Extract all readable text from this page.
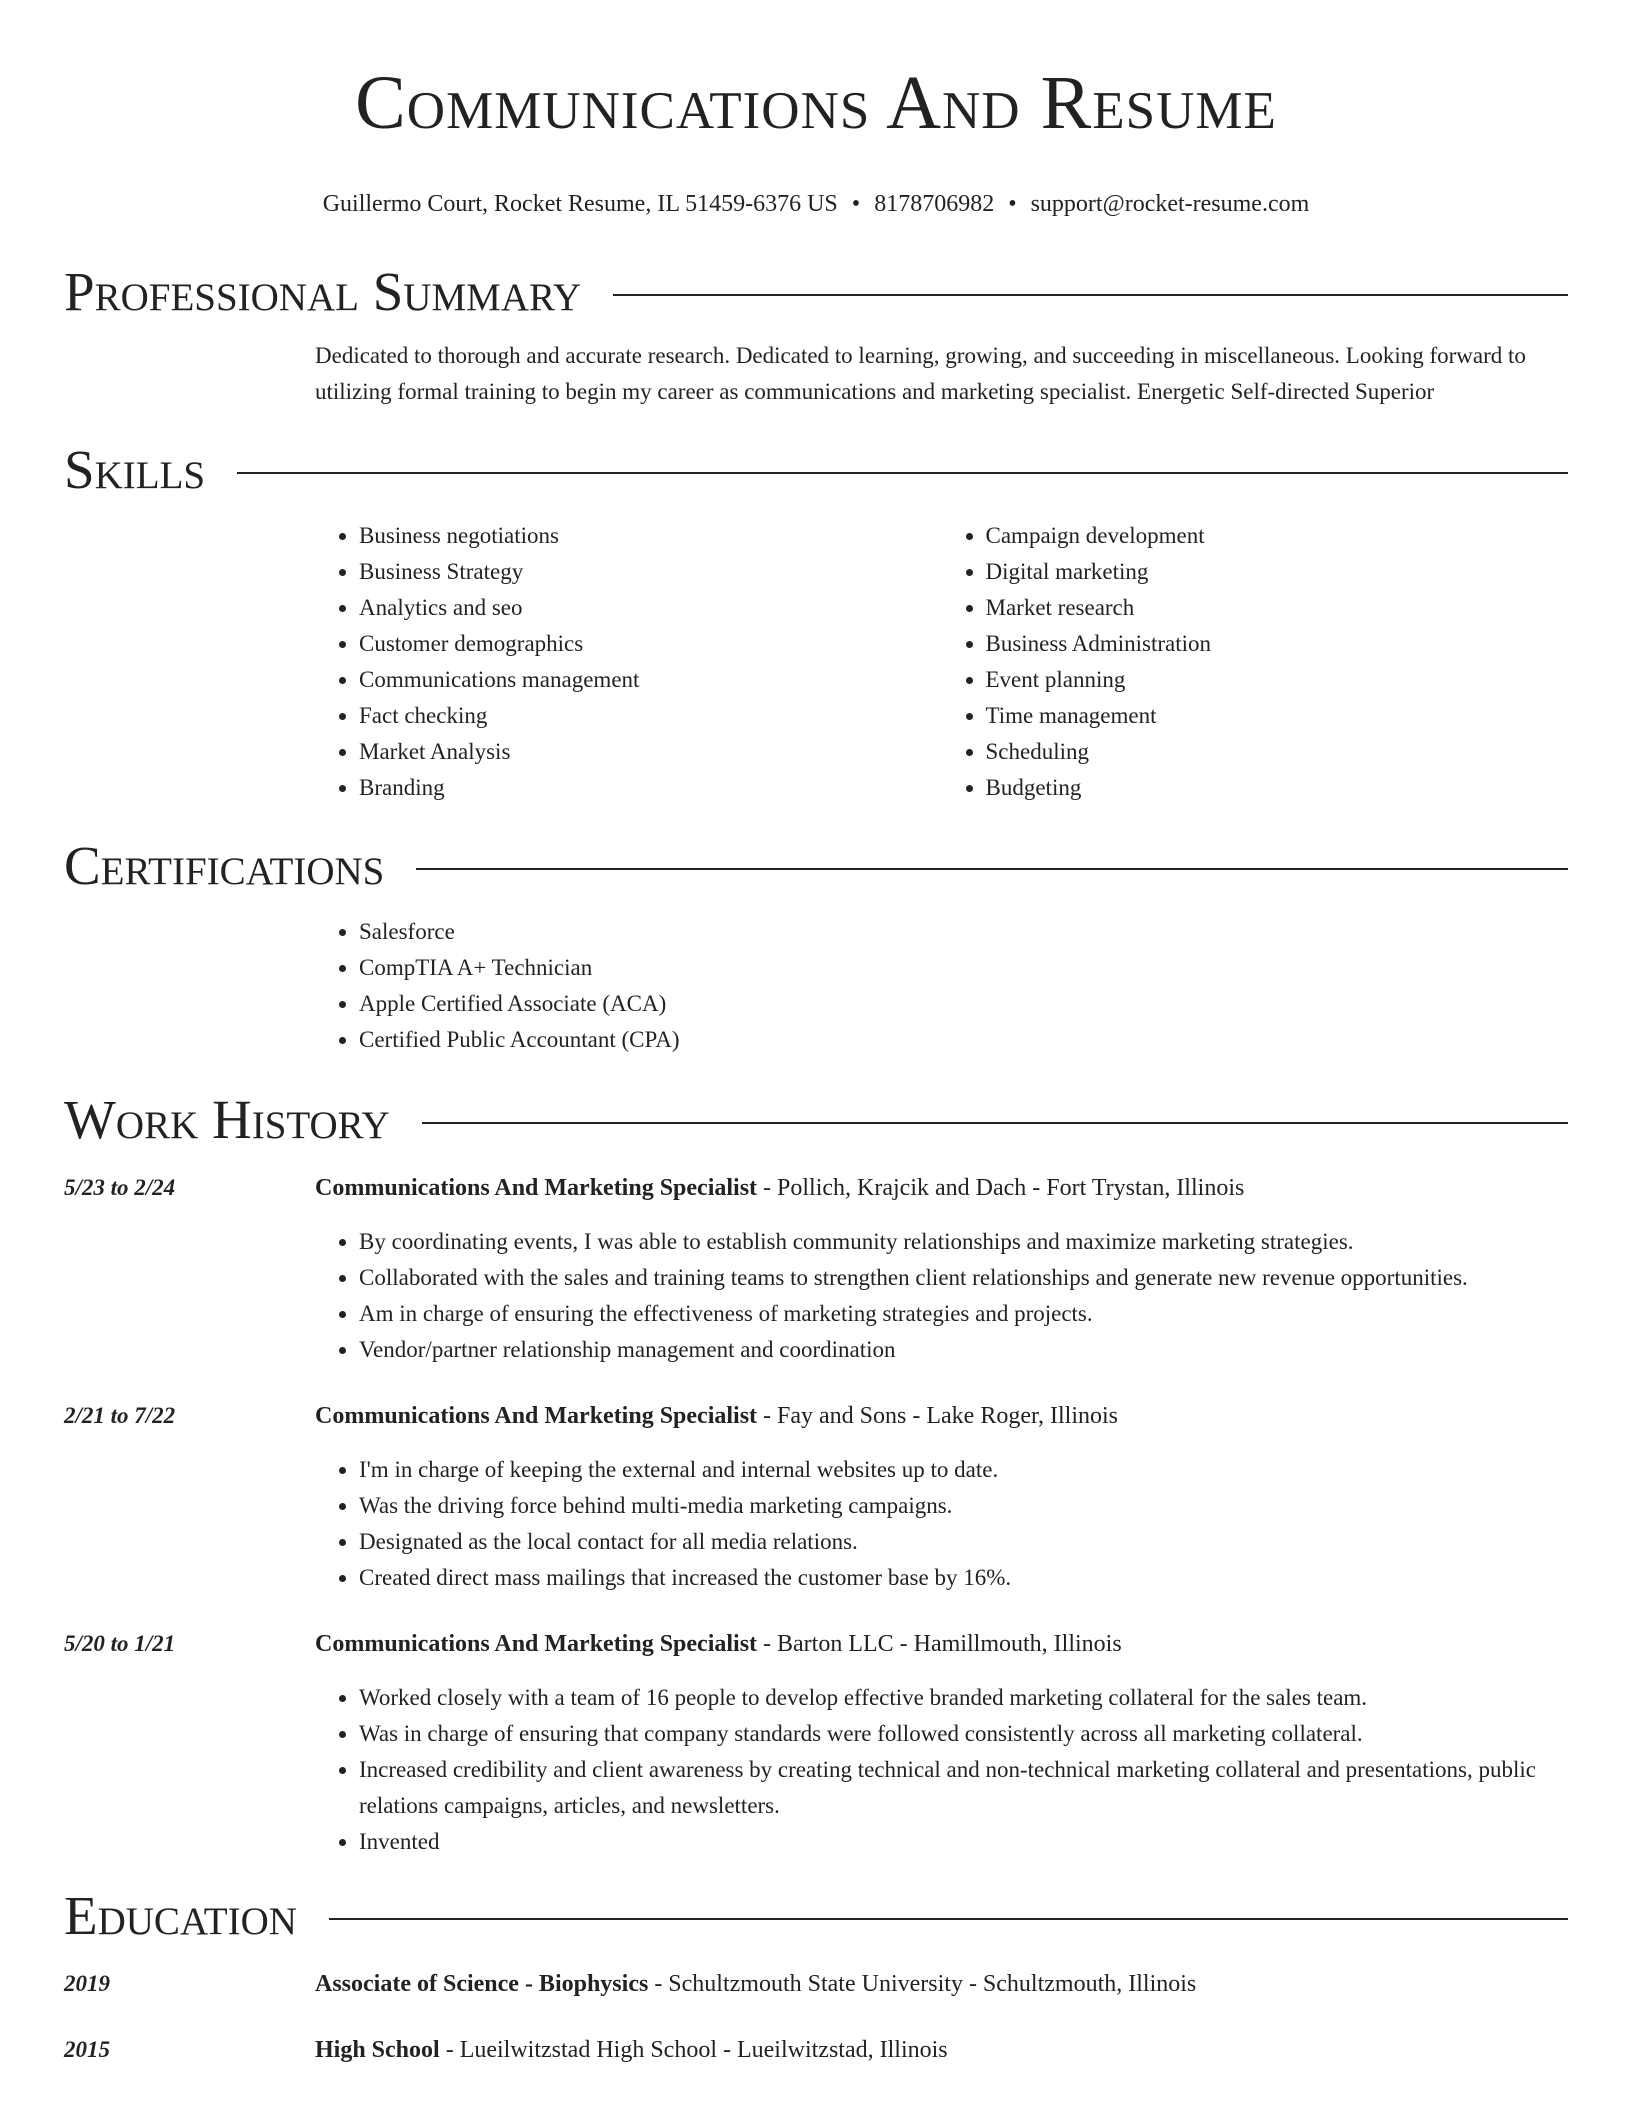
Communications And Resume
Guillermo Court, Rocket Resume, IL 51459-6376 US • 8178706982 • support@rocket-resume.com
Professional Summary

Dedicated to thorough and accurate research. Dedicated to learning, growing, and succeeding in miscellaneous. Looking forward to utilizing formal training to begin my career as communications and marketing specialist. Energetic Self-directed Superior

Skills
• Business negotiations
• Business Strategy
• Analytics and seo
• Customer demographics
• Communications management
• Fact checking
• Market Analysis
• Branding
• Campaign development
• Digital marketing
• Market research
• Business Administration
• Event planning
• Time management
• Scheduling
• Budgeting
Certifications
• Salesforce
• CompTIA A+ Technician
• Apple Certified Associate (ACA)
• Certified Public Accountant (CPA)
Work History
5/23 to 2/24	Communications And Marketing Specialist - Pollich, Krajcik and Dach - Fort Trystan, Illinois
• By coordinating events, I was able to establish community relationships and maximize marketing strategies.
• Collaborated with the sales and training teams to strengthen client relationships and generate new revenue opportunities.
• Am in charge of ensuring the effectiveness of marketing strategies and projects.
• Vendor/partner relationship management and coordination
2/21 to 7/22	Communications And Marketing Specialist - Fay and Sons - Lake Roger, Illinois
• I'm in charge of keeping the external and internal websites up to date.
• Was the driving force behind multi-media marketing campaigns.
• Designated as the local contact for all media relations.
• Created direct mass mailings that increased the customer base by 16%.
5/20 to 1/21	Communications And Marketing Specialist - Barton LLC - Hamillmouth, Illinois
• Worked closely with a team of 16 people to develop effective branded marketing collateral for the sales team.
• Was in charge of ensuring that company standards were followed consistently across all marketing collateral.
• Increased credibility and client awareness by creating technical and non-technical marketing collateral and presentations, public relations campaigns, articles, and newsletters.
• Invented
Education
2019	Associate of Science - Biophysics - Schultzmouth State University - Schultzmouth, Illinois
2015	High School - Lueilwitzstad High School - Lueilwitzstad, Illinois
